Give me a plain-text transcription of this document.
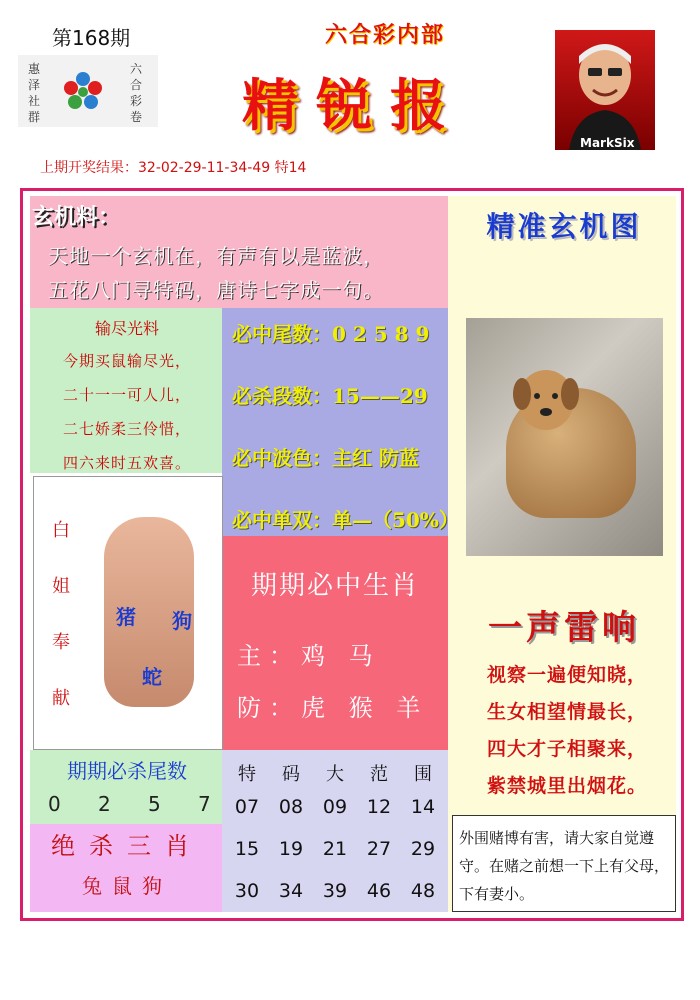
第168期
惠泽社群
六合彩卷
六合彩内部
精锐报
MarkSix
上期开奖结果：32-02-29-11-34-49 特14
玄机料：
天地一个玄机在，有声有以是蓝波，
五花八门寻特码，唐诗七字成一句。
输尽光料
今期买鼠输尽光，
二十一一可人儿，
二七娇柔三伶惜，
四六来时五欢喜。
必中尾数：0 2 5 8 9
必杀段数：15——29
必中波色：主红 防蓝
必中单双：单—（50%）
白
姐
奉
献
猪 狗
蛇
期期必中生肖
主：鸡 马
防：虎 猴 羊
期期必杀尾数
0 2 5 7
绝杀三肖
兔鼠狗
特 码 大 范 围
07 08 09 12 14
15 19 21 27 29
30 34 39 46 48
精准玄机图
一声雷响
视察一遍便知晓，
生女相望情最长，
四大才子相聚来，
紫禁城里出烟花。
外围赌博有害，请大家自觉遵守。在赌之前想一下上有父母，下有妻小。
